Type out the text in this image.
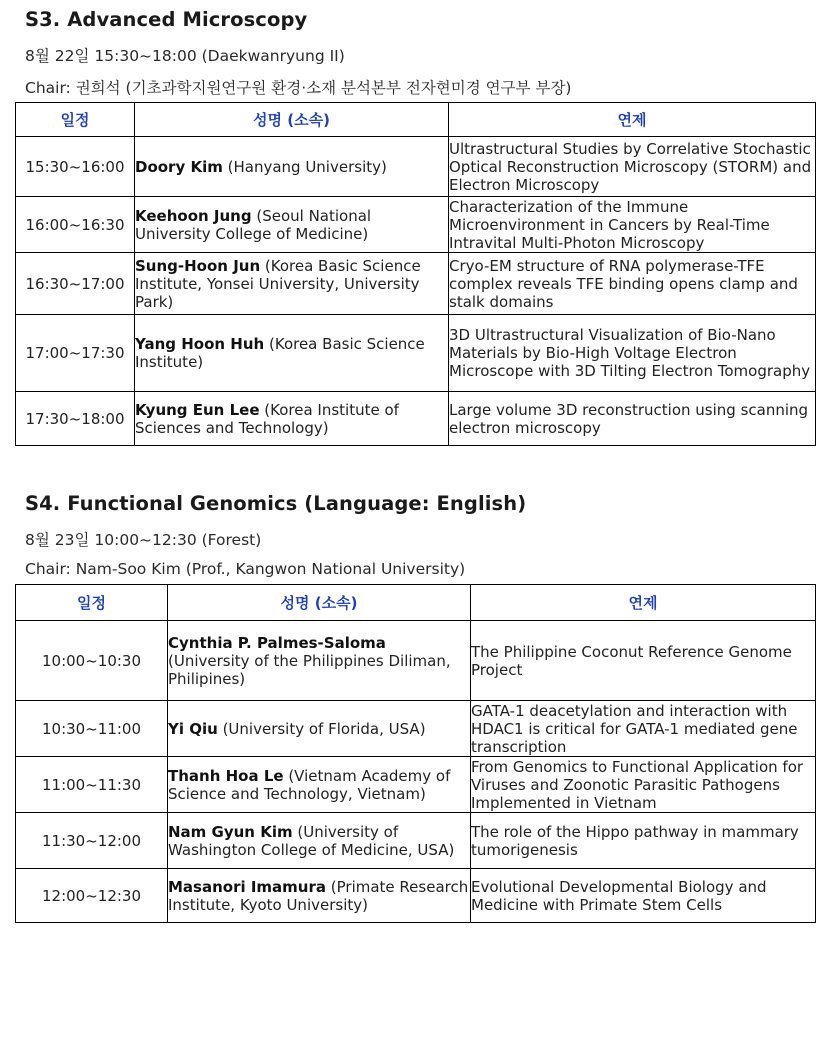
S3. Advanced Microscopy
8월 22일 15:30~18:00 (Daekwanryung II)
Chair: 권희석 (기초과학지원연구원 환경·소재 분석본부 전자현미경 연구부 부장)
일정	성명 (소속)	연제
15:30~16:00	Doory Kim (Hanyang University)	Ultrastructural Studies by Correlative Stochastic Optical Reconstruction Microscopy (STORM) and Electron Microscopy
16:00~16:30	Keehoon Jung (Seoul National University College of Medicine)	Characterization of the Immune Microenvironment in Cancers by Real-Time Intravital Multi-Photon Microscopy
16:30~17:00	Sung-Hoon Jun (Korea Basic Science Institute, Yonsei University, University Park)	Cryo-EM structure of RNA polymerase-TFE complex reveals TFE binding opens clamp and stalk domains
17:00~17:30	Yang Hoon Huh (Korea Basic Science Institute)	3D Ultrastructural Visualization of Bio-Nano Materials by Bio-High Voltage Electron Microscope with 3D Tilting Electron Tomography
17:30~18:00	Kyung Eun Lee (Korea Institute of Sciences and Technology)	Large volume 3D reconstruction using scanning electron microscopy
S4. Functional Genomics (Language: English)
8월 23일 10:00~12:30 (Forest)
Chair: Nam-Soo Kim (Prof., Kangwon National University)
일정	성명 (소속)	연제
10:00~10:30	Cynthia P. Palmes-Saloma (University of the Philippines Diliman, Philipines)	The Philippine Coconut Reference Genome Project
10:30~11:00	Yi Qiu (University of Florida, USA)	GATA-1 deacetylation and interaction with HDAC1 is critical for GATA-1 mediated gene transcription
11:00~11:30	Thanh Hoa Le (Vietnam Academy of Science and Technology, Vietnam)	From Genomics to Functional Application for Viruses and Zoonotic Parasitic Pathogens Implemented in Vietnam
11:30~12:00	Nam Gyun Kim (University of Washington College of Medicine, USA)	The role of the Hippo pathway in mammary tumorigenesis
12:00~12:30	Masanori Imamura (Primate Research Institute, Kyoto University)	Evolutional Developmental Biology and Medicine with Primate Stem Cells
